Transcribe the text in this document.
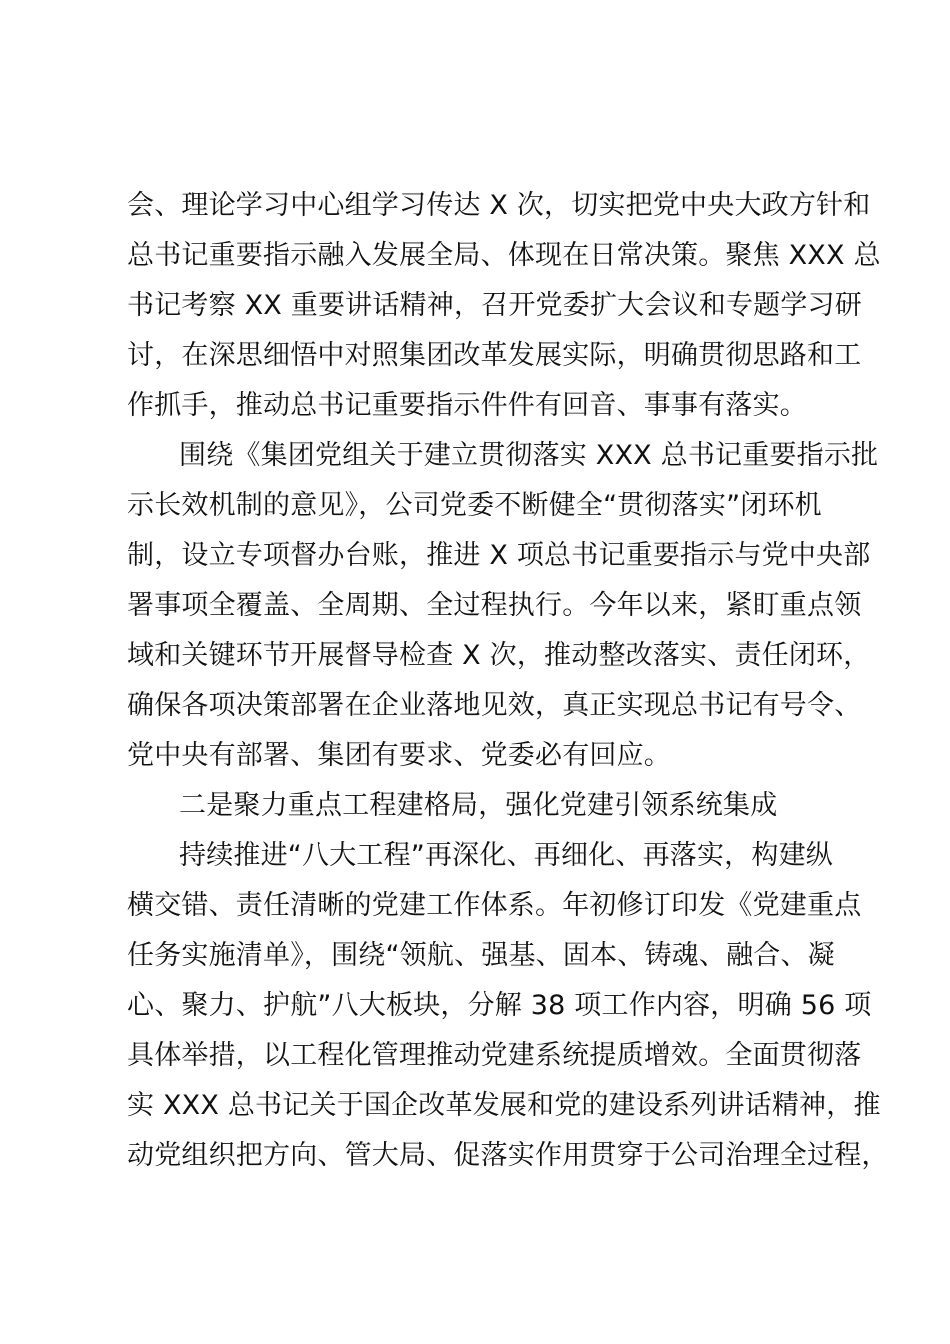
会、理论学习中心组学习传达 X 次，切实把党中央大政方针和
总书记重要指示融入发展全局、体现在日常决策。聚焦 XXX 总
书记考察 XX 重要讲话精神，召开党委扩大会议和专题学习研
讨，在深思细悟中对照集团改革发展实际，明确贯彻思路和工
作抓手，推动总书记重要指示件件有回音、事事有落实。
围绕《集团党组关于建立贯彻落实 XXX 总书记重要指示批
示长效机制的意见》，公司党委不断健全“贯彻落实”闭环机
制，设立专项督办台账，推进 X 项总书记重要指示与党中央部
署事项全覆盖、全周期、全过程执行。今年以来，紧盯重点领
域和关键环节开展督导检查 X 次，推动整改落实、责任闭环，
确保各项决策部署在企业落地见效，真正实现总书记有号令、
党中央有部署、集团有要求、党委必有回应。
二是聚力重点工程建格局，强化党建引领系统集成
持续推进“八大工程”再深化、再细化、再落实，构建纵
横交错、责任清晰的党建工作体系。年初修订印发《党建重点
任务实施清单》，围绕“领航、强基、固本、铸魂、融合、凝
心、聚力、护航”八大板块，分解 38 项工作内容，明确 56 项
具体举措，以工程化管理推动党建系统提质增效。全面贯彻落
实 XXX 总书记关于国企改革发展和党的建设系列讲话精神，推
动党组织把方向、管大局、促落实作用贯穿于公司治理全过程，
